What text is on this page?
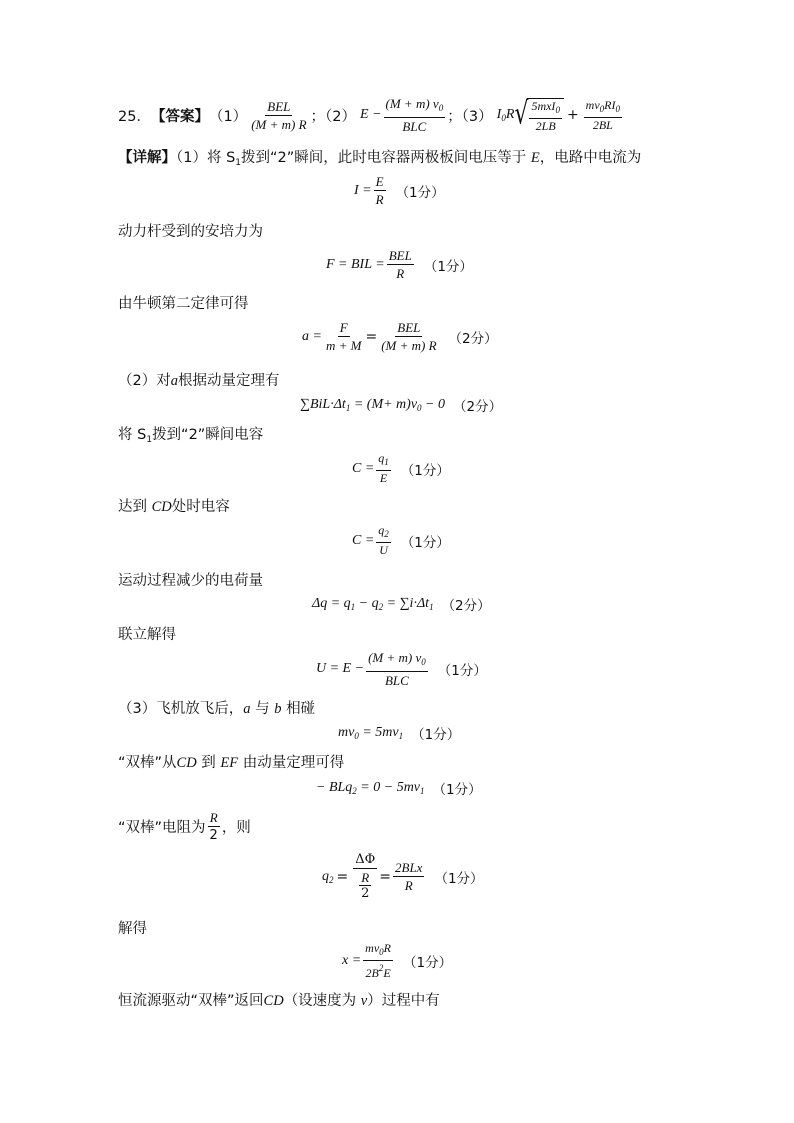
25． 【答案】 $(1) \frac{\text{BEL}}{(M + m) R}$ ；（2） $E - \frac{(M + m) v_0}{\text{BLC}}$ ；（3） $I_0R$ √ $\frac{5mxI_0}{2LB} + \frac{mv_0RI_0}{2BL}$
【详解】（1）将 $S_1$拨到“2”瞬间，此时电容器两极板间电压等于 E，电路中电流为
$I = \frac{E}{R} (1$分）
动力杆受到的安培力为
F = BIL = $\frac{\text{BEL}}{R} (1$分）
由牛顿第二定律可得
$a = \frac{F}{m + M} = \frac{\text{BEL}}{(M + m) R} (2$分）
（2）对a根据动量定理有
$\sum BiL\cdot\Delta t_1 = (M+ m)v_0 - 0$ （2分）
将 $S_1$拨到“2”瞬间电容
$C = \frac{q_1}{E} (1$分）
达到 CD处时电容
$C = \frac{q_2}{U} (1$分）
运动过程减少的电荷量
$\Delta q = q_1 - q_2 = \sum i\cdot\Delta t_1$ （2分）
联立解得
$U = E - \frac{(M + m) v_0}{\text{BLC}} (1$分）
（3）飞机放飞后，a 与 b 相碰
$mv_0 = 5mv_1$ （1分）
“双棒”从CD 到 EF 由动量定理可得
− $BLq_2 = 0 - 5mv_1$ （1分）
“双棒”电阻为 $\frac{R}{2}$ ，则
$q_2 = \Delta\Phi$
R
$2 = \frac{\text{2BLx}}{R} (1$分）
解得
$x = \frac{mv_0R}{2B^2E} (1$分）
恒流源驱动“双棒”返回CD（设速度为 v）过程中有
